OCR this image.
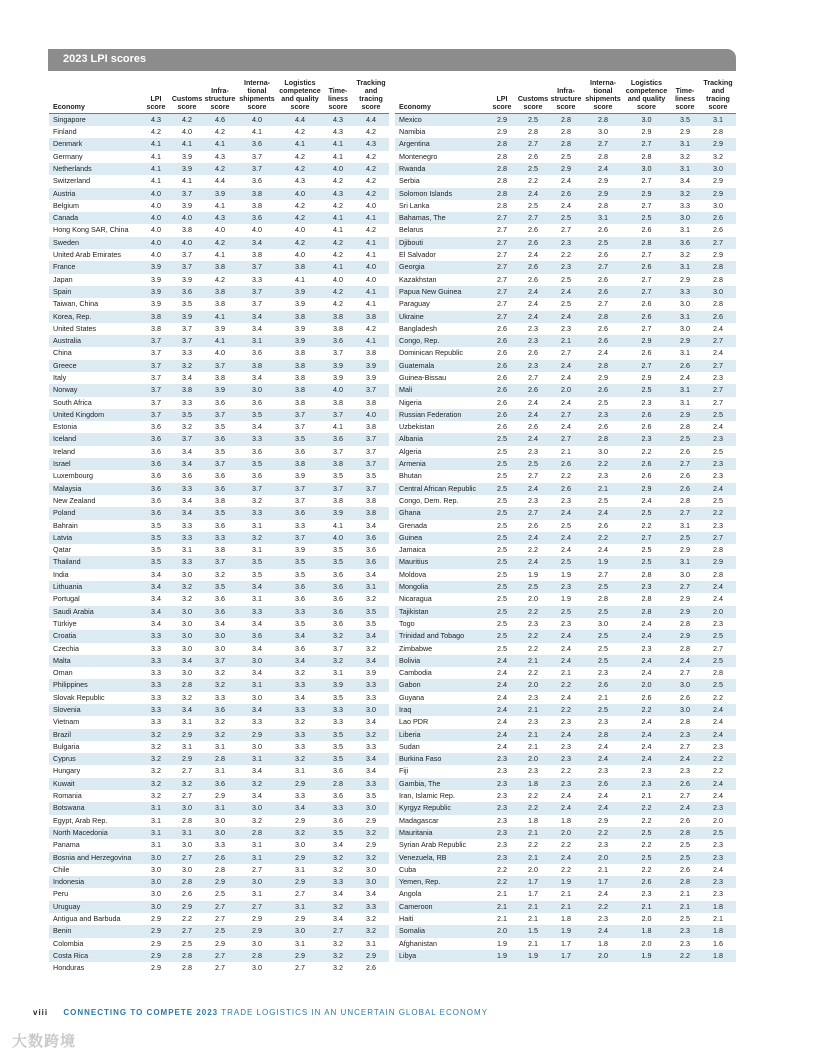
2023 LPI scores
Economy	LPI score	Customs score	Infra-structure score	Interna-tional shipments score	Logistics competence and quality score	Time-liness score	Tracking and tracing score
Singapore	4.3	4.2	4.6	4.0	4.4	4.3	4.4
Finland	4.2	4.0	4.2	4.1	4.2	4.3	4.2
Denmark	4.1	4.1	4.1	3.6	4.1	4.1	4.3
Germany	4.1	3.9	4.3	3.7	4.2	4.1	4.2
Netherlands	4.1	3.9	4.2	3.7	4.2	4.0	4.2
Switzerland	4.1	4.1	4.4	3.6	4.3	4.2	4.2
Austria	4.0	3.7	3.9	3.8	4.0	4.3	4.2
Belgium	4.0	3.9	4.1	3.8	4.2	4.2	4.0
Canada	4.0	4.0	4.3	3.6	4.2	4.1	4.1
Hong Kong SAR, China	4.0	3.8	4.0	4.0	4.0	4.1	4.2
Sweden	4.0	4.0	4.2	3.4	4.2	4.2	4.1
United Arab Emirates	4.0	3.7	4.1	3.8	4.0	4.2	4.1
France	3.9	3.7	3.8	3.7	3.8	4.1	4.0
Japan	3.9	3.9	4.2	3.3	4.1	4.0	4.0
Spain	3.9	3.6	3.8	3.7	3.9	4.2	4.1
Taiwan, China	3.9	3.5	3.8	3.7	3.9	4.2	4.1
Korea, Rep.	3.8	3.9	4.1	3.4	3.8	3.8	3.8
United States	3.8	3.7	3.9	3.4	3.9	3.8	4.2
Australia	3.7	3.7	4.1	3.1	3.9	3.6	4.1
China	3.7	3.3	4.0	3.6	3.8	3.7	3.8
Greece	3.7	3.2	3.7	3.8	3.8	3.9	3.9
Italy	3.7	3.4	3.8	3.4	3.8	3.9	3.9
Norway	3.7	3.8	3.9	3.0	3.8	4.0	3.7
South Africa	3.7	3.3	3.6	3.6	3.8	3.8	3.8
United Kingdom	3.7	3.5	3.7	3.5	3.7	3.7	4.0
Estonia	3.6	3.2	3.5	3.4	3.7	4.1	3.8
Iceland	3.6	3.7	3.6	3.3	3.5	3.6	3.7
Ireland	3.6	3.4	3.5	3.6	3.6	3.7	3.7
Israel	3.6	3.4	3.7	3.5	3.8	3.8	3.7
Luxembourg	3.6	3.6	3.6	3.6	3.9	3.5	3.5
Malaysia	3.6	3.3	3.6	3.7	3.7	3.7	3.7
New Zealand	3.6	3.4	3.8	3.2	3.7	3.8	3.8
Poland	3.6	3.4	3.5	3.3	3.6	3.9	3.8
Bahrain	3.5	3.3	3.6	3.1	3.3	4.1	3.4
Latvia	3.5	3.3	3.3	3.2	3.7	4.0	3.6
Qatar	3.5	3.1	3.8	3.1	3.9	3.5	3.6
Thailand	3.5	3.3	3.7	3.5	3.5	3.5	3.6
India	3.4	3.0	3.2	3.5	3.5	3.6	3.4
Lithuania	3.4	3.2	3.5	3.4	3.6	3.6	3.1
Portugal	3.4	3.2	3.6	3.1	3.6	3.6	3.2
Saudi Arabia	3.4	3.0	3.6	3.3	3.3	3.6	3.5
Türkiye	3.4	3.0	3.4	3.4	3.5	3.6	3.5
Croatia	3.3	3.0	3.0	3.6	3.4	3.2	3.4
Czechia	3.3	3.0	3.0	3.4	3.6	3.7	3.2
Malta	3.3	3.4	3.7	3.0	3.4	3.2	3.4
Oman	3.3	3.0	3.2	3.4	3.2	3.1	3.9
Philippines	3.3	2.8	3.2	3.1	3.3	3.9	3.3
Slovak Republic	3.3	3.2	3.3	3.0	3.4	3.5	3.3
Slovenia	3.3	3.4	3.6	3.4	3.3	3.3	3.0
Vietnam	3.3	3.1	3.2	3.3	3.2	3.3	3.4
Brazil	3.2	2.9	3.2	2.9	3.3	3.5	3.2
Bulgaria	3.2	3.1	3.1	3.0	3.3	3.5	3.3
Cyprus	3.2	2.9	2.8	3.1	3.2	3.5	3.4
Hungary	3.2	2.7	3.1	3.4	3.1	3.6	3.4
Kuwait	3.2	3.2	3.6	3.2	2.9	2.8	3.3
Romania	3.2	2.7	2.9	3.4	3.3	3.6	3.5
Botswana	3.1	3.0	3.1	3.0	3.4	3.3	3.0
Egypt, Arab Rep.	3.1	2.8	3.0	3.2	2.9	3.6	2.9
North Macedonia	3.1	3.1	3.0	2.8	3.2	3.5	3.2
Panama	3.1	3.0	3.3	3.1	3.0	3.4	2.9
Bosnia and Herzegovina	3.0	2.7	2.6	3.1	2.9	3.2	3.2
Chile	3.0	3.0	2.8	2.7	3.1	3.2	3.0
Indonesia	3.0	2.8	2.9	3.0	2.9	3.3	3.0
Peru	3.0	2.6	2.5	3.1	2.7	3.4	3.4
Uruguay	3.0	2.9	2.7	2.7	3.1	3.2	3.3
Antigua and Barbuda	2.9	2.2	2.7	2.9	2.9	3.4	3.2
Benin	2.9	2.7	2.5	2.9	3.0	2.7	3.2
Colombia	2.9	2.5	2.9	3.0	3.1	3.2	3.1
Costa Rica	2.9	2.8	2.7	2.8	2.9	3.2	2.9
Honduras	2.9	2.8	2.7	3.0	2.7	3.2	2.6
Economy	LPI score	Customs score	Infra-structure score	Interna-tional shipments score	Logistics competence and quality score	Time-liness score	Tracking and tracing score
Mexico	2.9	2.5	2.8	2.8	3.0	3.5	3.1
Namibia	2.9	2.8	2.8	3.0	2.9	2.9	2.8
Argentina	2.8	2.7	2.8	2.7	2.7	3.1	2.9
Montenegro	2.8	2.6	2.5	2.8	2.8	3.2	3.2
Rwanda	2.8	2.5	2.9	2.4	3.0	3.1	3.0
Serbia	2.8	2.2	2.4	2.9	2.7	3.4	2.9
Solomon Islands	2.8	2.4	2.6	2.9	2.9	3.2	2.9
Sri Lanka	2.8	2.5	2.4	2.8	2.7	3.3	3.0
Bahamas, The	2.7	2.7	2.5	3.1	2.5	3.0	2.6
Belarus	2.7	2.6	2.7	2.6	2.6	3.1	2.6
Djibouti	2.7	2.6	2.3	2.5	2.8	3.6	2.7
El Salvador	2.7	2.4	2.2	2.6	2.7	3.2	2.9
Georgia	2.7	2.6	2.3	2.7	2.6	3.1	2.8
Kazakhstan	2.7	2.6	2.5	2.6	2.7	2.9	2.8
Papua New Guinea	2.7	2.4	2.4	2.6	2.7	3.3	3.0
Paraguay	2.7	2.4	2.5	2.7	2.6	3.0	2.8
Ukraine	2.7	2.4	2.4	2.8	2.6	3.1	2.6
Bangladesh	2.6	2.3	2.3	2.6	2.7	3.0	2.4
Congo, Rep.	2.6	2.3	2.1	2.6	2.9	2.9	2.7
Dominican Republic	2.6	2.6	2.7	2.4	2.6	3.1	2.4
Guatemala	2.6	2.3	2.4	2.8	2.7	2.6	2.7
Guinea-Bissau	2.6	2.7	2.4	2.9	2.9	2.4	2.3
Mali	2.6	2.6	2.0	2.6	2.5	3.1	2.7
Nigeria	2.6	2.4	2.4	2.5	2.3	3.1	2.7
Russian Federation	2.6	2.4	2.7	2.3	2.6	2.9	2.5
Uzbekistan	2.6	2.6	2.4	2.6	2.6	2.8	2.4
Albania	2.5	2.4	2.7	2.8	2.3	2.5	2.3
Algeria	2.5	2.3	2.1	3.0	2.2	2.6	2.5
Armenia	2.5	2.5	2.6	2.2	2.6	2.7	2.3
Bhutan	2.5	2.7	2.2	2.3	2.6	2.6	2.3
Central African Republic	2.5	2.4	2.6	2.1	2.9	2.6	2.4
Congo, Dem. Rep.	2.5	2.3	2.3	2.5	2.4	2.8	2.5
Ghana	2.5	2.7	2.4	2.4	2.5	2.7	2.2
Grenada	2.5	2.6	2.5	2.6	2.2	3.1	2.3
Guinea	2.5	2.4	2.4	2.2	2.7	2.5	2.7
Jamaica	2.5	2.2	2.4	2.4	2.5	2.9	2.8
Mauritius	2.5	2.4	2.5	1.9	2.5	3.1	2.9
Moldova	2.5	1.9	1.9	2.7	2.8	3.0	2.8
Mongolia	2.5	2.5	2.3	2.5	2.3	2.7	2.4
Nicaragua	2.5	2.0	1.9	2.8	2.8	2.9	2.4
Tajikistan	2.5	2.2	2.5	2.5	2.8	2.9	2.0
Togo	2.5	2.3	2.3	3.0	2.4	2.8	2.3
Trinidad and Tobago	2.5	2.2	2.4	2.5	2.4	2.9	2.5
Zimbabwe	2.5	2.2	2.4	2.5	2.3	2.8	2.7
Bolivia	2.4	2.1	2.4	2.5	2.4	2.4	2.5
Cambodia	2.4	2.2	2.1	2.3	2.4	2.7	2.8
Gabon	2.4	2.0	2.2	2.6	2.0	3.0	2.5
Guyana	2.4	2.3	2.4	2.1	2.6	2.6	2.2
Iraq	2.4	2.1	2.2	2.5	2.2	3.0	2.4
Lao PDR	2.4	2.3	2.3	2.3	2.4	2.8	2.4
Liberia	2.4	2.1	2.4	2.8	2.4	2.3	2.4
Sudan	2.4	2.1	2.3	2.4	2.4	2.7	2.3
Burkina Faso	2.3	2.0	2.3	2.4	2.4	2.4	2.2
Fiji	2.3	2.3	2.2	2.3	2.3	2.3	2.2
Gambia, The	2.3	1.8	2.3	2.6	2.3	2.6	2.4
Iran, Islamic Rep.	2.3	2.2	2.4	2.4	2.1	2.7	2.4
Kyrgyz Republic	2.3	2.2	2.4	2.4	2.2	2.4	2.3
Madagascar	2.3	1.8	1.8	2.9	2.2	2.6	2.0
Mauritania	2.3	2.1	2.0	2.2	2.5	2.8	2.5
Syrian Arab Republic	2.3	2.2	2.2	2.3	2.2	2.5	2.3
Venezuela, RB	2.3	2.1	2.4	2.0	2.5	2.5	2.3
Cuba	2.2	2.0	2.2	2.1	2.2	2.6	2.4
Yemen, Rep.	2.2	1.7	1.9	1.7	2.6	2.8	2.3
Angola	2.1	1.7	2.1	2.4	2.3	2.1	2.3
Cameroon	2.1	2.1	2.1	2.2	2.1	2.1	1.8
Haiti	2.1	2.1	1.8	2.3	2.0	2.5	2.1
Somalia	2.0	1.5	1.9	2.4	1.8	2.3	1.8
Afghanistan	1.9	2.1	1.7	1.8	2.0	2.3	1.6
Libya	1.9	1.9	1.7	2.0	1.9	2.2	1.8
viii CONNECTING TO COMPETE 2023 TRADE LOGISTICS IN AN UNCERTAIN GLOBAL ECONOMY
大数跨境
